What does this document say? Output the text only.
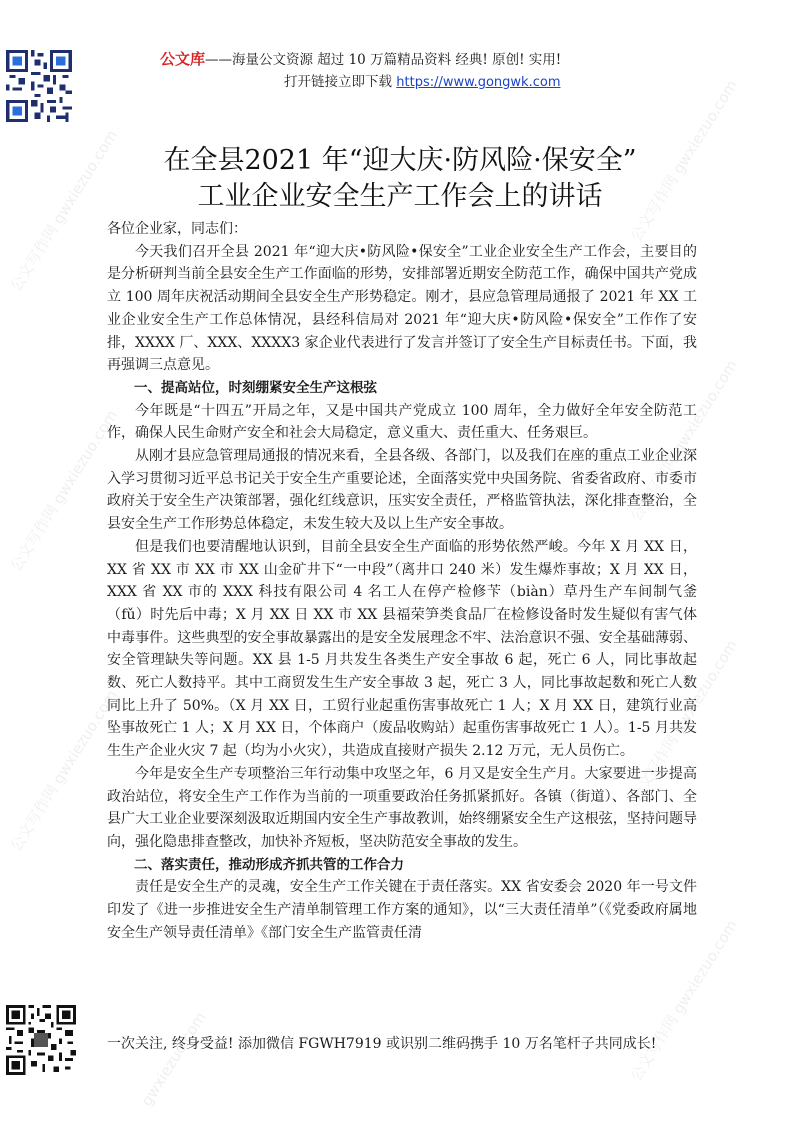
公文写作网 gwxiezuo.com
公文写作网 gwxiezuo.com
公文写作网 gwxiezuo.com
公文写作网 gwxiezuo.com
公文写作网 gwxiezuo.com
公文写作网 gwxiezuo.com
公文写作网 gwxiezuo.com
gwxiezuo.com
公文库——海量公文资源 超过 10 万篇精品资料 经典! 原创! 实用!
打开链接立即下载 https://www.gongwk.com
在全县2021 年“迎大庆·防风险·保安全”
工业企业安全生产工作会上的讲话

各位企业家，同志们：

今天我们召开全县 2021 年“迎大庆•防风险•保安全”工业企业安全生产工作会，主要目的是分析研判当前全县安全生产工作面临的形势，安排部署近期安全防范工作，确保中国共产党成立 100 周年庆祝活动期间全县安全生产形势稳定。刚才，县应急管理局通报了 2021 年 XX 工业企业安全生产工作总体情况，县经科信局对 2021 年“迎大庆•防风险•保安全”工作作了安排，XXXX 厂、XXX、XXXX3 家企业代表进行了发言并签订了安全生产目标责任书。下面，我再强调三点意见。

一、提高站位，时刻绷紧安全生产这根弦

今年既是“十四五”开局之年，又是中国共产党成立 100 周年，全力做好全年安全防范工作，确保人民生命财产安全和社会大局稳定，意义重大、责任重大、任务艰巨。

从刚才县应急管理局通报的情况来看，全县各级、各部门，以及我们在座的重点工业企业深入学习贯彻习近平总书记关于安全生产重要论述，全面落实党中央国务院、省委省政府、市委市政府关于安全生产决策部署，强化红线意识，压实安全责任，严格监管执法，深化排查整治，全县安全生产工作形势总体稳定，未发生较大及以上生产安全事故。

但是我们也要清醒地认识到，目前全县安全生产面临的形势依然严峻。今年 X 月 XX 日，XX 省 XX 市 XX 市 XX 山金矿井下“一中段”（离井口 240 米）发生爆炸事故；X 月 XX 日，XXX 省 XX 市的 XXX 科技有限公司 4 名工人在停产检修苄（biàn）草丹生产车间制气釜（fǔ）时先后中毒；X 月 XX 日 XX 市 XX 县福荣笋类食品厂在检修设备时发生疑似有害气体中毒事件。这些典型的安全事故暴露出的是安全发展理念不牢、法治意识不强、安全基础薄弱、安全管理缺失等问题。XX 县 1-5 月共发生各类生产安全事故 6 起，死亡 6 人，同比事故起数、死亡人数持平。其中工商贸发生生产安全事故 3 起，死亡 3 人，同比事故起数和死亡人数同比上升了 50%。（X 月 XX 日，工贸行业起重伤害事故死亡 1 人；X 月 XX 日，建筑行业高坠事故死亡 1 人；X 月 XX 日，个体商户（废品收购站）起重伤害事故死亡 1 人）。1-5 月共发生生产企业火灾 7 起（均为小火灾），共造成直接财产损失 2.12 万元，无人员伤亡。

今年是安全生产专项整治三年行动集中攻坚之年，6 月又是安全生产月。大家要进一步提高政治站位，将安全生产工作作为当前的一项重要政治任务抓紧抓好。各镇（街道）、各部门、全县广大工业企业要深刻汲取近期国内安全生产事故教训，始终绷紧安全生产这根弦，坚持问题导向，强化隐患排查整改，加快补齐短板，坚决防范安全事故的发生。

二、落实责任，推动形成齐抓共管的工作合力

责任是安全生产的灵魂，安全生产工作关键在于责任落实。XX 省安委会 2020 年一号文件印发了《进一步推进安全生产清单制管理工作方案的通知》，以“三大责任清单”（《党委政府属地安全生产领导责任清单》《部门安全生产监管责任清

一次关注, 终身受益! 添加微信 FGWH7919 或识别二维码携手 10 万名笔杆子共同成长!
